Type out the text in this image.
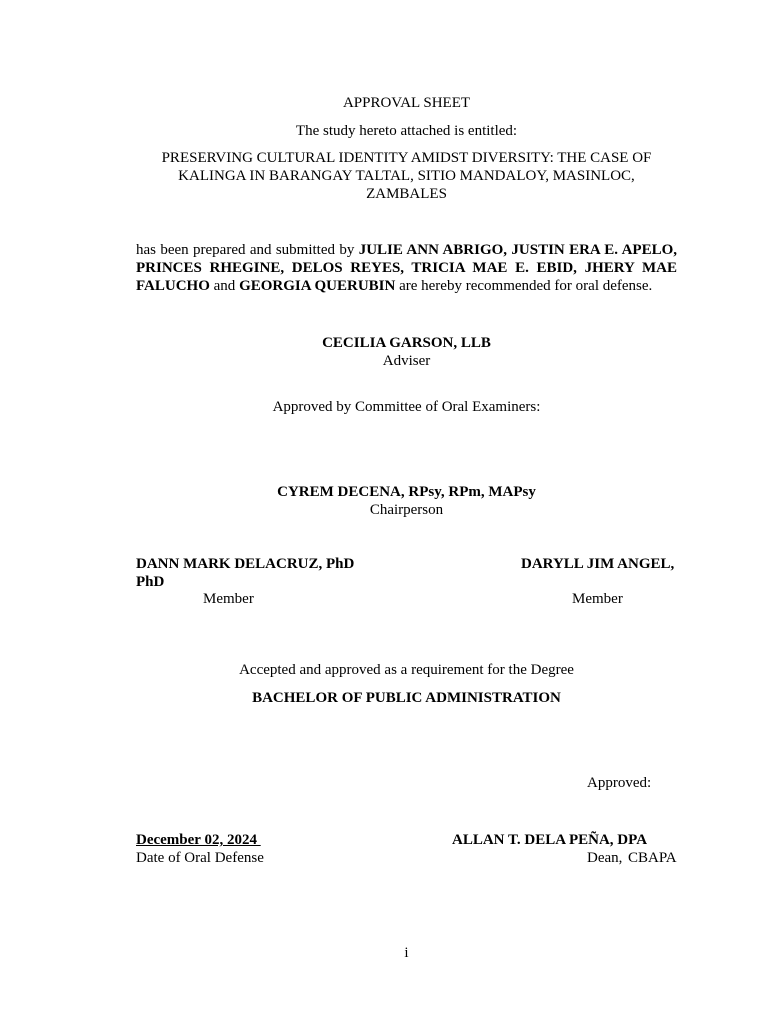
APPROVAL SHEET
The study hereto attached is entitled:
PRESERVING CULTURAL IDENTITY AMIDST DIVERSITY: THE CASE OF KALINGA IN BARANGAY TALTAL, SITIO MANDALOY, MASINLOC, ZAMBALES
has been prepared and submitted by JULIE ANN ABRIGO, JUSTIN ERA E. APELO, PRINCES RHEGINE, DELOS REYES, TRICIA MAE E. EBID, JHERY MAE FALUCHO and GEORGIA QUERUBIN are hereby recommended for oral defense.
CECILIA GARSON, LLB
Adviser
Approved by Committee of Oral Examiners:
CYREM DECENA, RPsy, RPm, MAPsy
Chairperson
DANN MARK DELACRUZ, PhD
PhD
Member
DARYLL JIM ANGEL,
Member
Accepted and approved as a requirement for the Degree
BACHELOR OF PUBLIC ADMINISTRATION
Approved:
December 02, 2024
Date of Oral Defense
ALLAN T. DELA PEÑA, DPA
Dean, CBAPA
i
